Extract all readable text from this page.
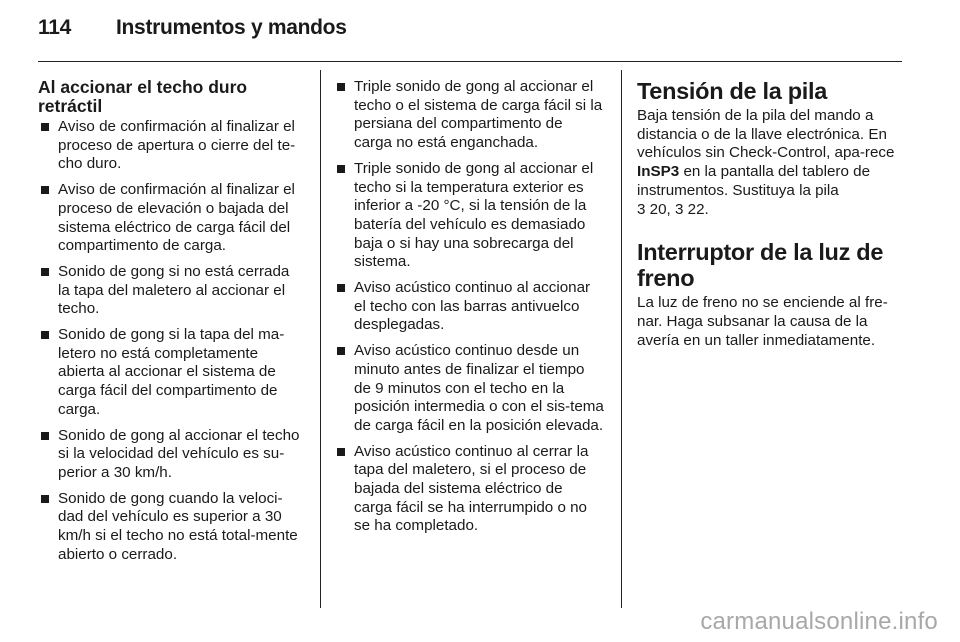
114 Instrumentos y mandos
Al accionar el techo duro retráctil
Aviso de confirmación al finalizar el proceso de apertura o cierre del te-cho duro.
Aviso de confirmación al finalizar el proceso de elevación o bajada del sistema eléctrico de carga fácil del compartimento de carga.
Sonido de gong si no está cerrada la tapa del maletero al accionar el techo.
Sonido de gong si la tapa del ma-letero no está completamente abierta al accionar el sistema de carga fácil del compartimento de carga.
Sonido de gong al accionar el techo si la velocidad del vehículo es su-perior a 30 km/h.
Sonido de gong cuando la veloci-dad del vehículo es superior a 30 km/h si el techo no está total-mente abierto o cerrado.
Triple sonido de gong al accionar el techo o el sistema de carga fácil si la persiana del compartimento de carga no está enganchada.
Triple sonido de gong al accionar el techo si la temperatura exterior es inferior a -20 °C, si la tensión de la batería del vehículo es demasiado baja o si hay una sobrecarga del sistema.
Aviso acústico continuo al accionar el techo con las barras antivuelco desplegadas.
Aviso acústico continuo desde un minuto antes de finalizar el tiempo de 9 minutos con el techo en la posición intermedia o con el sis-tema de carga fácil en la posición elevada.
Aviso acústico continuo al cerrar la tapa del maletero, si el proceso de bajada del sistema eléctrico de carga fácil se ha interrumpido o no se ha completado.
Tensión de la pila

Baja tensión de la pila del mando a distancia o de la llave electrónica. En vehículos sin Check-Control, apa-rece InSP3 en la pantalla del tablero de instrumentos. Sustituya la pila
3 20, 3 22.

Interruptor de la luz de freno

La luz de freno no se enciende al fre-nar. Haga subsanar la causa de la avería en un taller inmediatamente.

carmanualsonline.info
